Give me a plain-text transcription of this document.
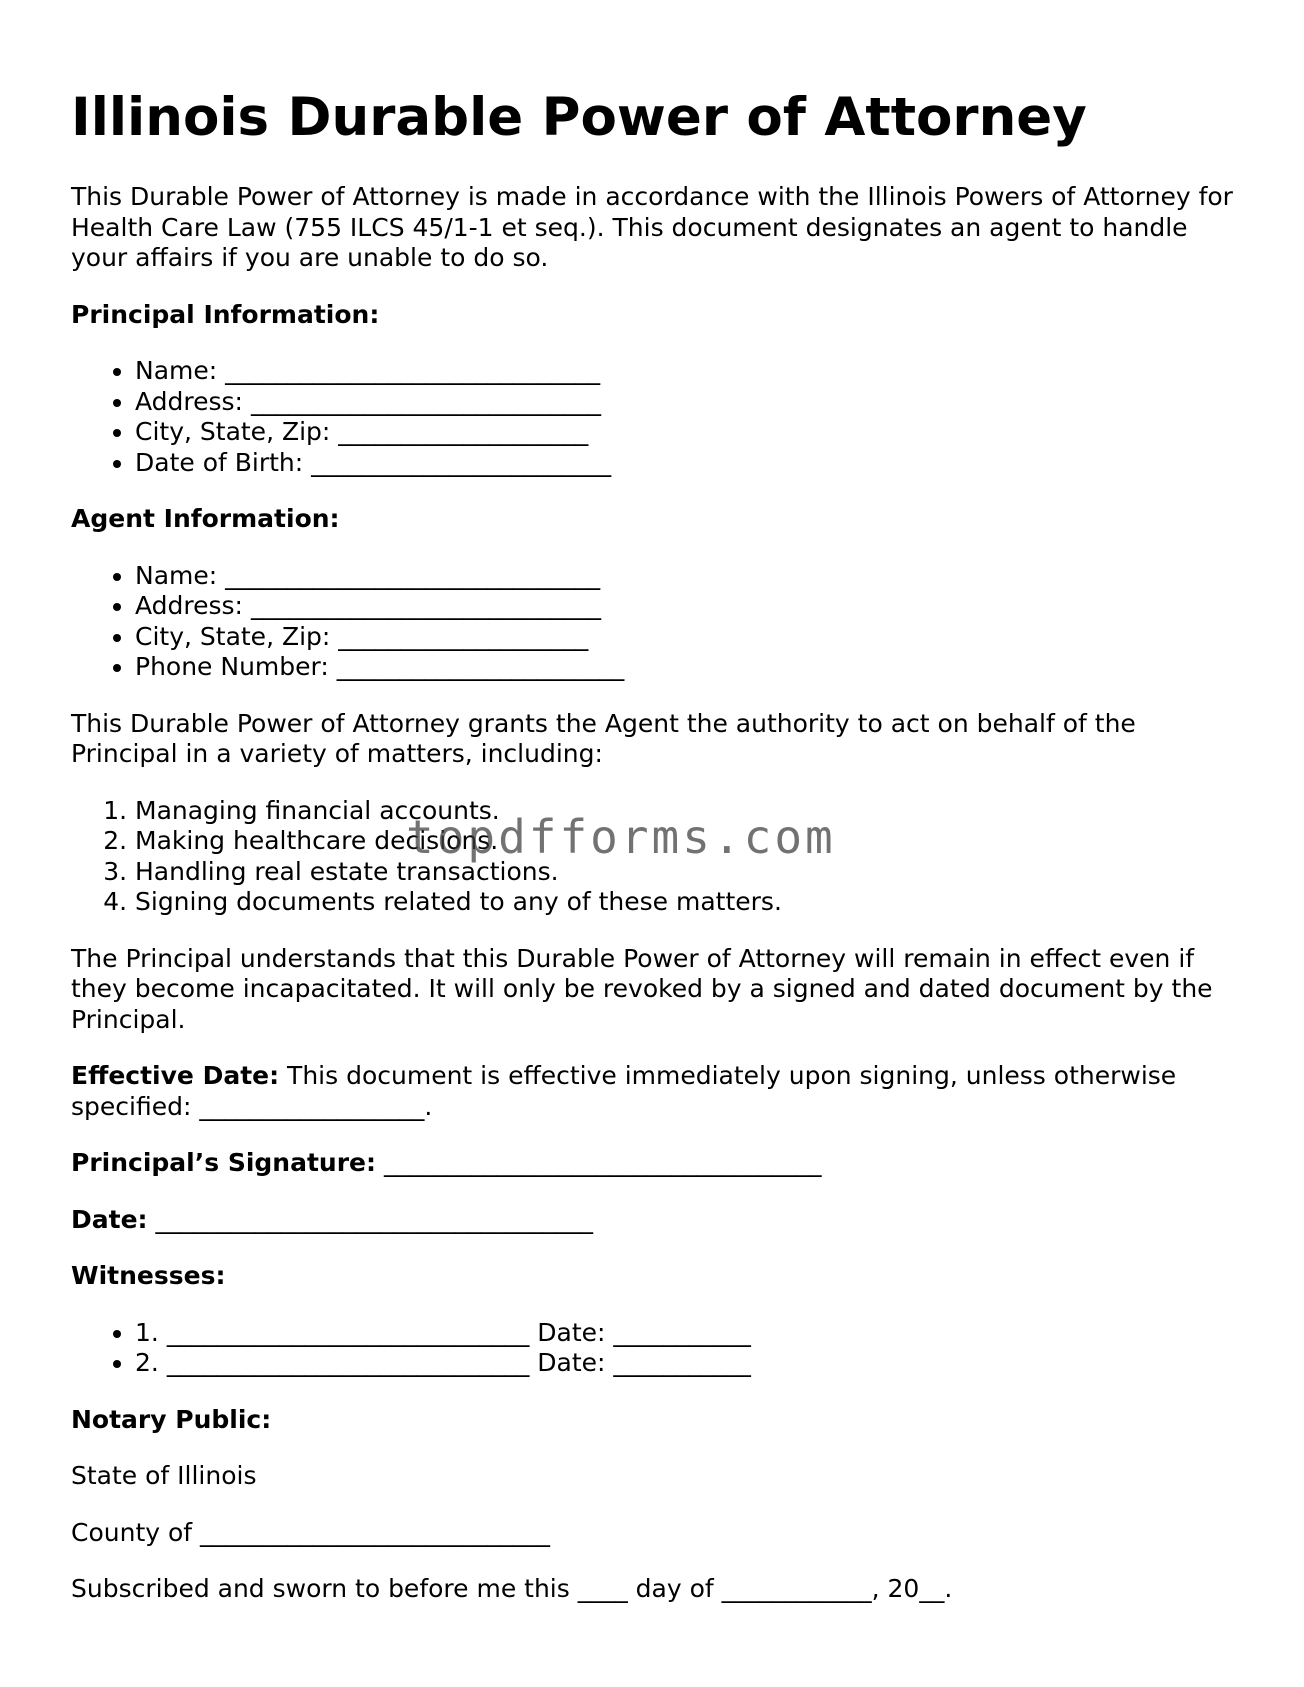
Illinois Durable Power of Attorney

This Durable Power of Attorney is made in accordance with the Illinois Powers of Attorney for Health Care Law (755 ILCS 45/1-1 et seq.). This document designates an agent to handle your affairs if you are unable to do so.

Principal Information:
• Name: ______________________________
• Address: ____________________________
• City, State, Zip: ____________________
• Date of Birth: ________________________
Agent Information:
• Name: ______________________________
• Address: ____________________________
• City, State, Zip: ____________________
• Phone Number: _______________________

This Durable Power of Attorney grants the Agent the authority to act on behalf of the Principal in a variety of matters, including:

1. Managing financial accounts.
2. Making healthcare decisions.
3. Handling real estate transactions.
4. Signing documents related to any of these matters.

The Principal understands that this Durable Power of Attorney will remain in effect even if they become incapacitated. It will only be revoked by a signed and dated document by the Principal.

Effective Date: This document is effective immediately upon signing, unless otherwise specified: __________________.

Principal’s Signature: ___________________________________

Date: ___________________________________

Witnesses:
• 1. _____________________________ Date: ___________
• 2. _____________________________ Date: ___________
Notary Public:

State of Illinois

County of ____________________________

Subscribed and sworn to before me this ____ day of ____________, 20__.

topdfforms.com
